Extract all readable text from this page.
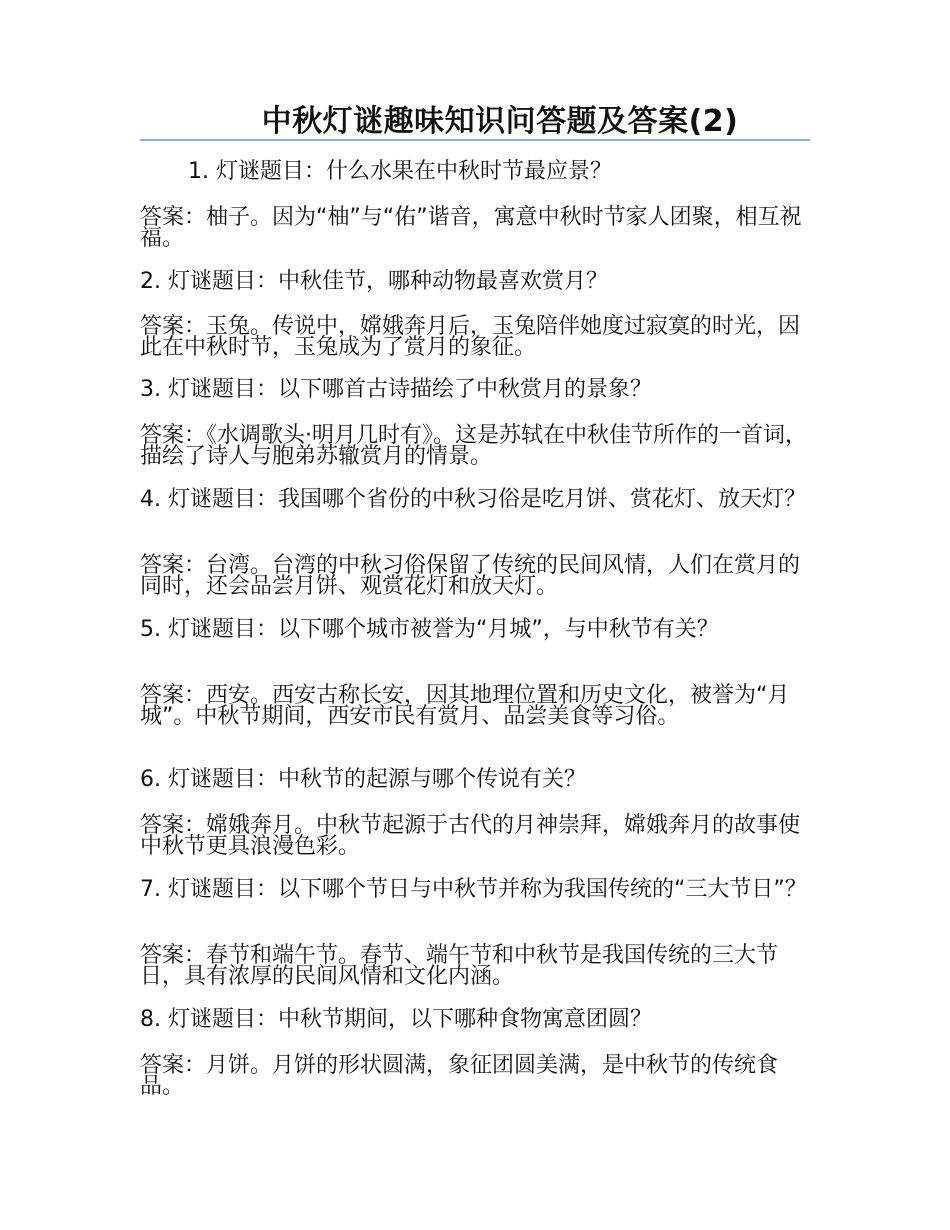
中秋灯谜趣味知识问答题及答案(2)
1. 灯谜题目：什么水果在中秋时节最应景？
答案：柚子。因为“柚”与“佑”谐音，寓意中秋时节家人团聚，相互祝福。
2. 灯谜题目：中秋佳节，哪种动物最喜欢赏月？
答案：玉兔。传说中，嫦娥奔月后，玉兔陪伴她度过寂寞的时光，因此在中秋时节，玉兔成为了赏月的象征。
3. 灯谜题目：以下哪首古诗描绘了中秋赏月的景象？
答案：《水调歌头·明月几时有》。这是苏轼在中秋佳节所作的一首词，描绘了诗人与胞弟苏辙赏月的情景。
4. 灯谜题目：我国哪个省份的中秋习俗是吃月饼、赏花灯、放天灯？
答案：台湾。台湾的中秋习俗保留了传统的民间风情，人们在赏月的同时，还会品尝月饼、观赏花灯和放天灯。
5. 灯谜题目：以下哪个城市被誉为“月城”，与中秋节有关？
答案：西安。西安古称长安，因其地理位置和历史文化，被誉为“月城”。中秋节期间，西安市民有赏月、品尝美食等习俗。
6. 灯谜题目：中秋节的起源与哪个传说有关？
答案：嫦娥奔月。中秋节起源于古代的月神崇拜，嫦娥奔月的故事使中秋节更具浪漫色彩。
7. 灯谜题目：以下哪个节日与中秋节并称为我国传统的“三大节日”？
答案：春节和端午节。春节、端午节和中秋节是我国传统的三大节日，具有浓厚的民间风情和文化内涵。
8. 灯谜题目：中秋节期间，以下哪种食物寓意团圆？
答案：月饼。月饼的形状圆满，象征团圆美满，是中秋节的传统食品。
